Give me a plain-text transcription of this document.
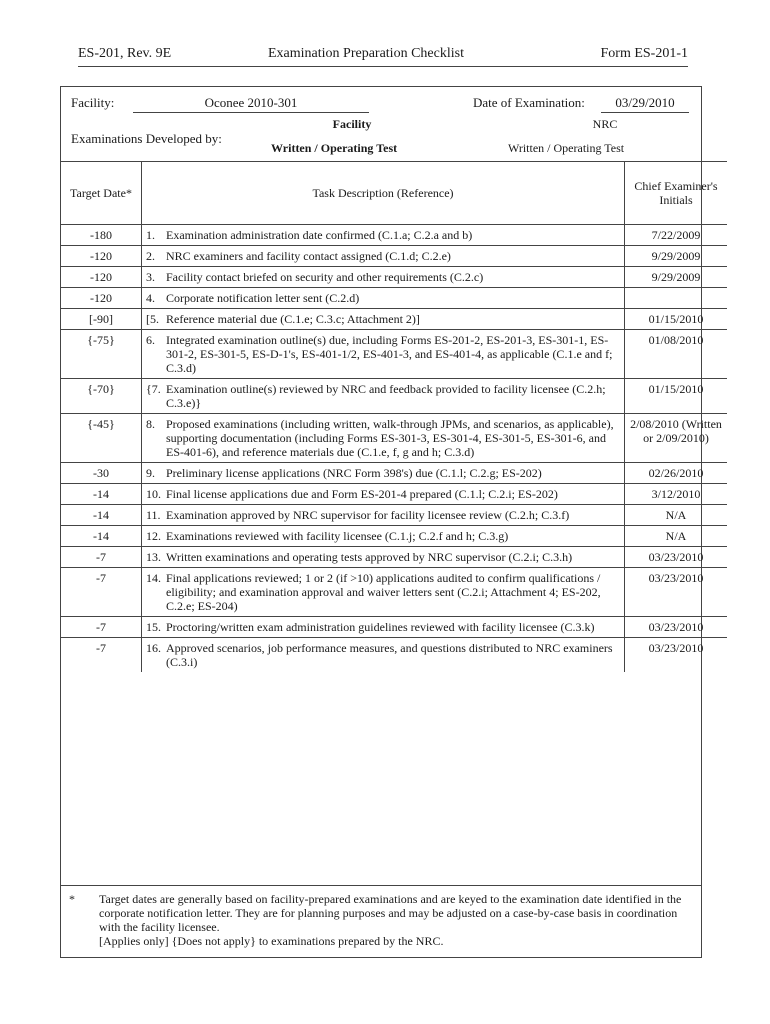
ES-201, Rev. 9E	Examination Preparation Checklist	Form ES-201-1
Facility:	Oconee 2010-301	Date of Examination:	03/29/2010
Examinations Developed by:
Facility	NRC
Written / Operating Test	Written / Operating Test
Target Date*	Task Description (Reference)	Chief Examiner's Initials
-180	1. Examination administration date confirmed (C.1.a; C.2.a and b)	7/22/2009
-120	2. NRC examiners and facility contact assigned (C.1.d; C.2.e)	9/29/2009
-120	3. Facility contact briefed on security and other requirements (C.2.c)	9/29/2009
-120	4. Corporate notification letter sent (C.2.d)	

[-90]	[5. Reference material due (C.1.e; C.3.c; Attachment 2)]	01/15/2010
{-75}	6. Integrated examination outline(s) due, including Forms ES-201-2, ES-201-3, ES-301-1, ES-301-2, ES-301-5, ES-D-1's, ES-401-1/2, ES-401-3, and ES-401-4, as applicable (C.1.e and f; C.3.d)	01/08/2010
{-70}	{7. Examination outline(s) reviewed by NRC and feedback provided to facility licensee (C.2.h; C.3.e)}	01/15/2010
{-45}	8. Proposed examinations (including written, walk-through JPMs, and scenarios, as applicable), supporting documentation (including Forms ES-301-3, ES-301-4, ES-301-5, ES-301-6, and ES-401-6), and reference materials due (C.1.e, f, g and h; C.3.d)	2/08/2010 (Written or 2/09/2010)
-30	9. Preliminary license applications (NRC Form 398's) due (C.1.l; C.2.g; ES-202)	02/26/2010
-14	10. Final license applications due and Form ES-201-4 prepared (C.1.l; C.2.i; ES-202)	3/12/2010
-14	11. Examination approved by NRC supervisor for facility licensee review (C.2.h; C.3.f)	N/A
-14	12. Examinations reviewed with facility licensee (C.1.j; C.2.f and h; C.3.g)	N/A
-7	13. Written examinations and operating tests approved by NRC supervisor (C.2.i; C.3.h)	03/23/2010
-7	14. Final applications reviewed; 1 or 2 (if >10) applications audited to confirm qualifications / eligibility; and examination approval and waiver letters sent (C.2.i; Attachment 4; ES-202, C.2.e; ES-204)	03/23/2010
-7	15. Proctoring/written exam administration guidelines reviewed with facility licensee (C.3.k)	03/23/2010
-7	16. Approved scenarios, job performance measures, and questions distributed to NRC examiners (C.3.i)	03/23/2010
* Target dates are generally based on facility-prepared examinations and are keyed to the examination date identified in the corporate notification letter. They are for planning purposes and may be adjusted on a case-by-case basis in coordination with the facility licensee.
[Applies only] {Does not apply} to examinations prepared by the NRC.
